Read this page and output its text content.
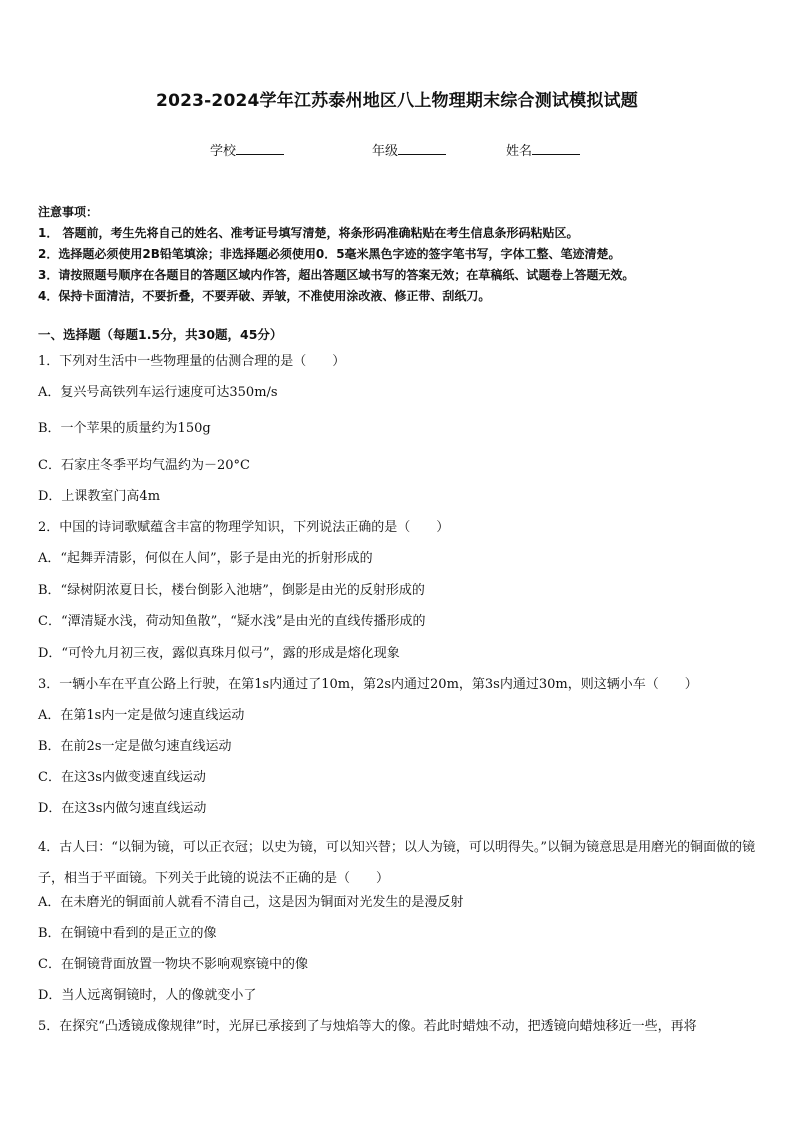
2023-2024学年江苏泰州地区八上物理期末综合测试模拟试题
学校	年级	姓名
注意事项：
1． 答题前，考生先将自己的姓名、准考证号填写清楚，将条形码准确粘贴在考生信息条形码粘贴区。
2．选择题必须使用2B铅笔填涂；非选择题必须使用0．5毫米黑色字迹的签字笔书写，字体工整、笔迹清楚。
3．请按照题号顺序在各题目的答题区域内作答，超出答题区域书写的答案无效；在草稿纸、试题卷上答题无效。
4．保持卡面清洁，不要折叠，不要弄破、弄皱，不准使用涂改液、修正带、刮纸刀。
一、选择题（每题1.5分，共30题，45分）
1．下列对生活中一些物理量的估测合理的是（　　）
A．复兴号高铁列车运行速度可达350m/s
B．一个苹果的质量约为150g
C．石家庄冬季平均气温约为－20°C
D．上课教室门高4m
2．中国的诗词歌赋蕴含丰富的物理学知识，下列说法正确的是（　　）
A．“起舞弄清影，何似在人间”，影子是由光的折射形成的
B．“绿树阴浓夏日长，楼台倒影入池塘”，倒影是由光的反射形成的
C．“潭清疑水浅，荷动知鱼散”，“疑水浅”是由光的直线传播形成的
D．“可怜九月初三夜，露似真珠月似弓”，露的形成是熔化现象
3．一辆小车在平直公路上行驶，在第1s内通过了10m，第2s内通过20m，第3s内通过30m，则这辆小车（　　）
A．在第1s内一定是做匀速直线运动
B．在前2s一定是做匀速直线运动
C．在这3s内做变速直线运动
D．在这3s内做匀速直线运动
4．古人曰：“以铜为镜，可以正衣冠；以史为镜，可以知兴替；以人为镜，可以明得失。”以铜为镜意思是用磨光的铜面做的镜子，相当于平面镜。下列关于此镜的说法不正确的是（　　）
A．在未磨光的铜面前人就看不清自己，这是因为铜面对光发生的是漫反射
B．在铜镜中看到的是正立的像
C．在铜镜背面放置一物块不影响观察镜中的像
D．当人远离铜镜时，人的像就变小了
5．在探究“凸透镜成像规律”时，光屏已承接到了与烛焰等大的像。若此时蜡烛不动，把透镜向蜡烛移近一些，再将
